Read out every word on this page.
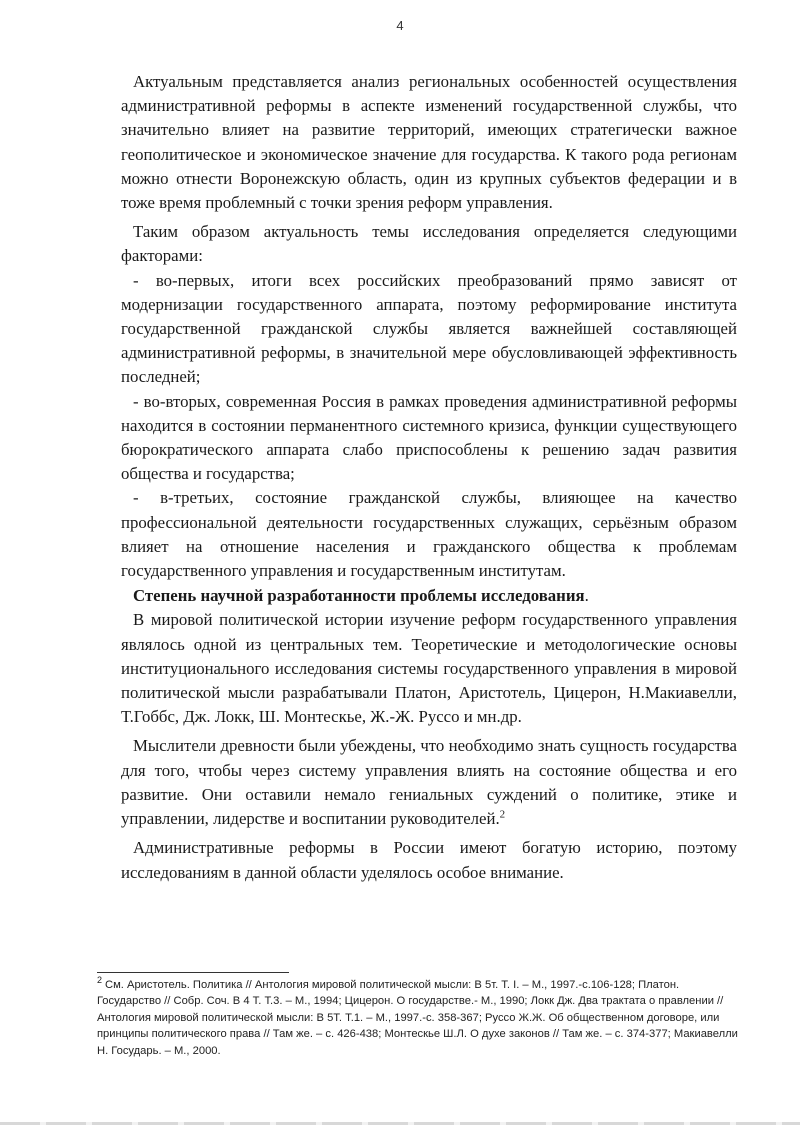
4

Актуальным представляется анализ региональных особенностей осуществления административной реформы в аспекте изменений государственной службы, что значительно влияет на развитие территорий, имеющих стратегически важное геополитическое и экономическое значение для государства. К такого рода регионам можно отнести Воронежскую область, один из крупных субъектов федерации и в тоже время проблемный с точки зрения реформ управления.

Таким образом актуальность темы исследования определяется следующими факторами:

- во-первых, итоги всех российских преобразований прямо зависят от модернизации государственного аппарата, поэтому реформирование института государственной гражданской службы является важнейшей составляющей административной реформы, в значительной мере обусловливающей эффективность последней;

- во-вторых, современная Россия в рамках проведения административной реформы находится в состоянии перманентного системного кризиса, функции существующего бюрократического аппарата слабо приспособлены к решению задач развития общества и государства;

- в-третьих, состояние гражданской службы, влияющее на качество профессиональной деятельности государственных служащих, серьёзным образом влияет на отношение населения и гражданского общества к проблемам государственного управления и государственным институтам.

Степень научной разработанности проблемы исследования.

В мировой политической истории изучение реформ государственного управления являлось одной из центральных тем. Теоретические и методологические основы институционального исследования системы государственного управления в мировой политической мысли разрабатывали Платон, Аристотель, Цицерон, Н.Макиавелли, Т.Гоббс, Дж. Локк, Ш. Монтескье, Ж.-Ж. Руссо и мн.др.

Мыслители древности были убеждены, что необходимо знать сущность государства для того, чтобы через систему управления влиять на состояние общества и его развитие. Они оставили немало гениальных суждений о политике, этике и управлении, лидерстве и воспитании руководителей.$^2$

Административные реформы в России имеют богатую историю, поэтому исследованиям в данной области уделялось особое внимание.

$^2$ См. Аристотель. Политика // Антология мировой политической мысли: В 5т. Т. I. – М., 1997.-с.106-128; Платон. Государство // Собр. Соч. В 4 Т. Т.3. – М., 1994; Цицерон. О государстве.- М., 1990; Локк Дж. Два трактата о правлении // Антология мировой политической мысли: В 5Т. Т.1. – М., 1997.-с. 358-367; Руссо Ж.Ж. Об общественном договоре, или принципы политического права // Там же. – с. 426-438; Монтескье Ш.Л. О духе законов // Там же. – с. 374-377; Макиавелли Н. Государь. – М., 2000.
